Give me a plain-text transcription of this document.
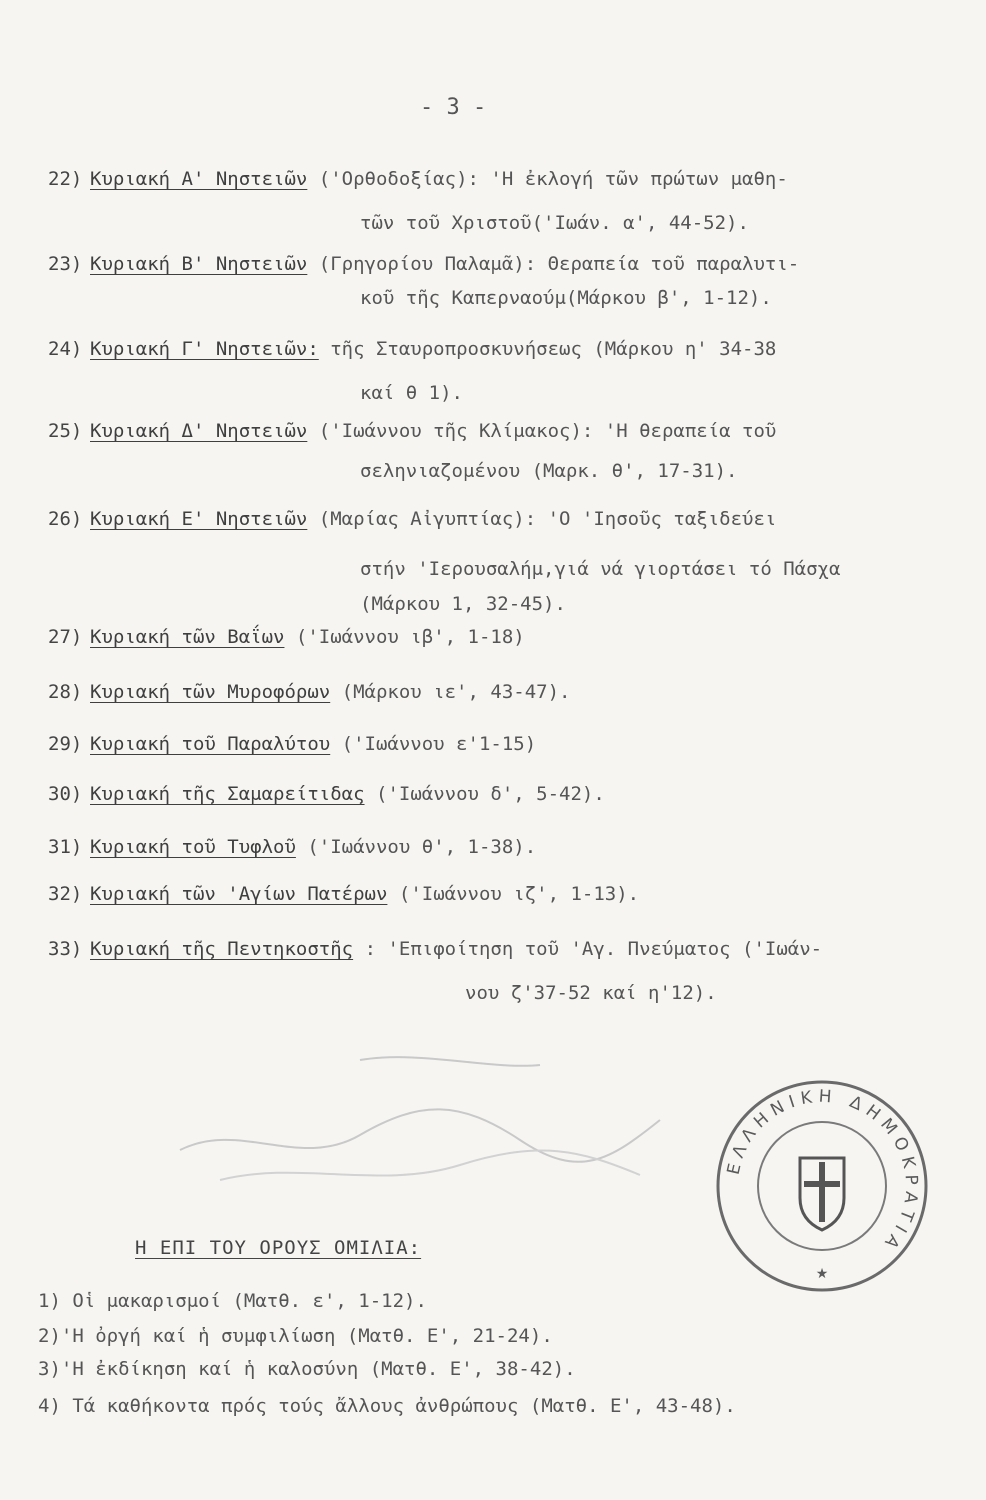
- 3 -
22) Κυριακή Α' Νηστειῶν ('Ορθοδοξίας): 'Η ἐκλογή τῶν πρώτων μαθη-
τῶν τοῦ Χριστοῦ('Ιωάν. α', 44-52).
23) Κυριακή Β' Νηστειῶν (Γρηγορίου Παλαμᾶ): Θεραπεία τοῦ παραλυτι-
κοῦ τῆς Καπερναούμ(Μάρκου β', 1-12).
24) Κυριακή Γ' Νηστειῶν: τῆς Σταυροπροσκυνήσεως (Μάρκου η' 34-38
καί θ 1).
25) Κυριακή Δ' Νηστειῶν ('Ιωάννου τῆς Κλίμακος): 'Η θεραπεία τοῦ
σεληνιαζομένου (Μαρκ. θ', 17-31).
26) Κυριακή Ε' Νηστειῶν (Μαρίας Αἰγυπτίας): 'Ο 'Ιησοῦς ταξιδεύει
στήν 'Ιερουσαλήμ,γιά νά γιορτάσει τό Πάσχα
(Μάρκου 1, 32-45).
27) Κυριακή τῶν Βαΐων ('Ιωάννου ιβ', 1-18)
28) Κυριακή τῶν Μυροφόρων (Μάρκου ιε', 43-47).
29) Κυριακή τοῦ Παραλύτου ('Ιωάννου ε'1-15)
30) Κυριακή τῆς Σαμαρείτιδας ('Ιωάννου δ', 5-42).
31) Κυριακή τοῦ Τυφλοῦ ('Ιωάννου θ', 1-38).
32) Κυριακή τῶν 'Αγίων Πατέρων ('Ιωάννου ιζ', 1-13).
33) Κυριακή τῆς Πεντηκοστῆς : 'Επιφοίτηση τοῦ 'Αγ. Πνεύματος ('Ιωάν-
νου ζ'37-52 καί η'12).
ΕΛΛΗΝΙΚΗ ΔΗΜΟΚΡΑΤΙΑ
★
Η ΕΠΙ ΤΟΥ ΟΡΟΥΣ ΟΜΙΛΙΑ:
1) Οἱ μακαρισμοί (Ματθ. ε', 1-12).
2)'Η ὀργή καί ἡ συμφιλίωση (Ματθ. Ε', 21-24).
3)'Η ἐκδίκηση καί ἡ καλοσύνη (Ματθ. Ε', 38-42).
4) Τά καθήκοντα πρός τούς ἄλλους ἀνθρώπους (Ματθ. Ε', 43-48).
